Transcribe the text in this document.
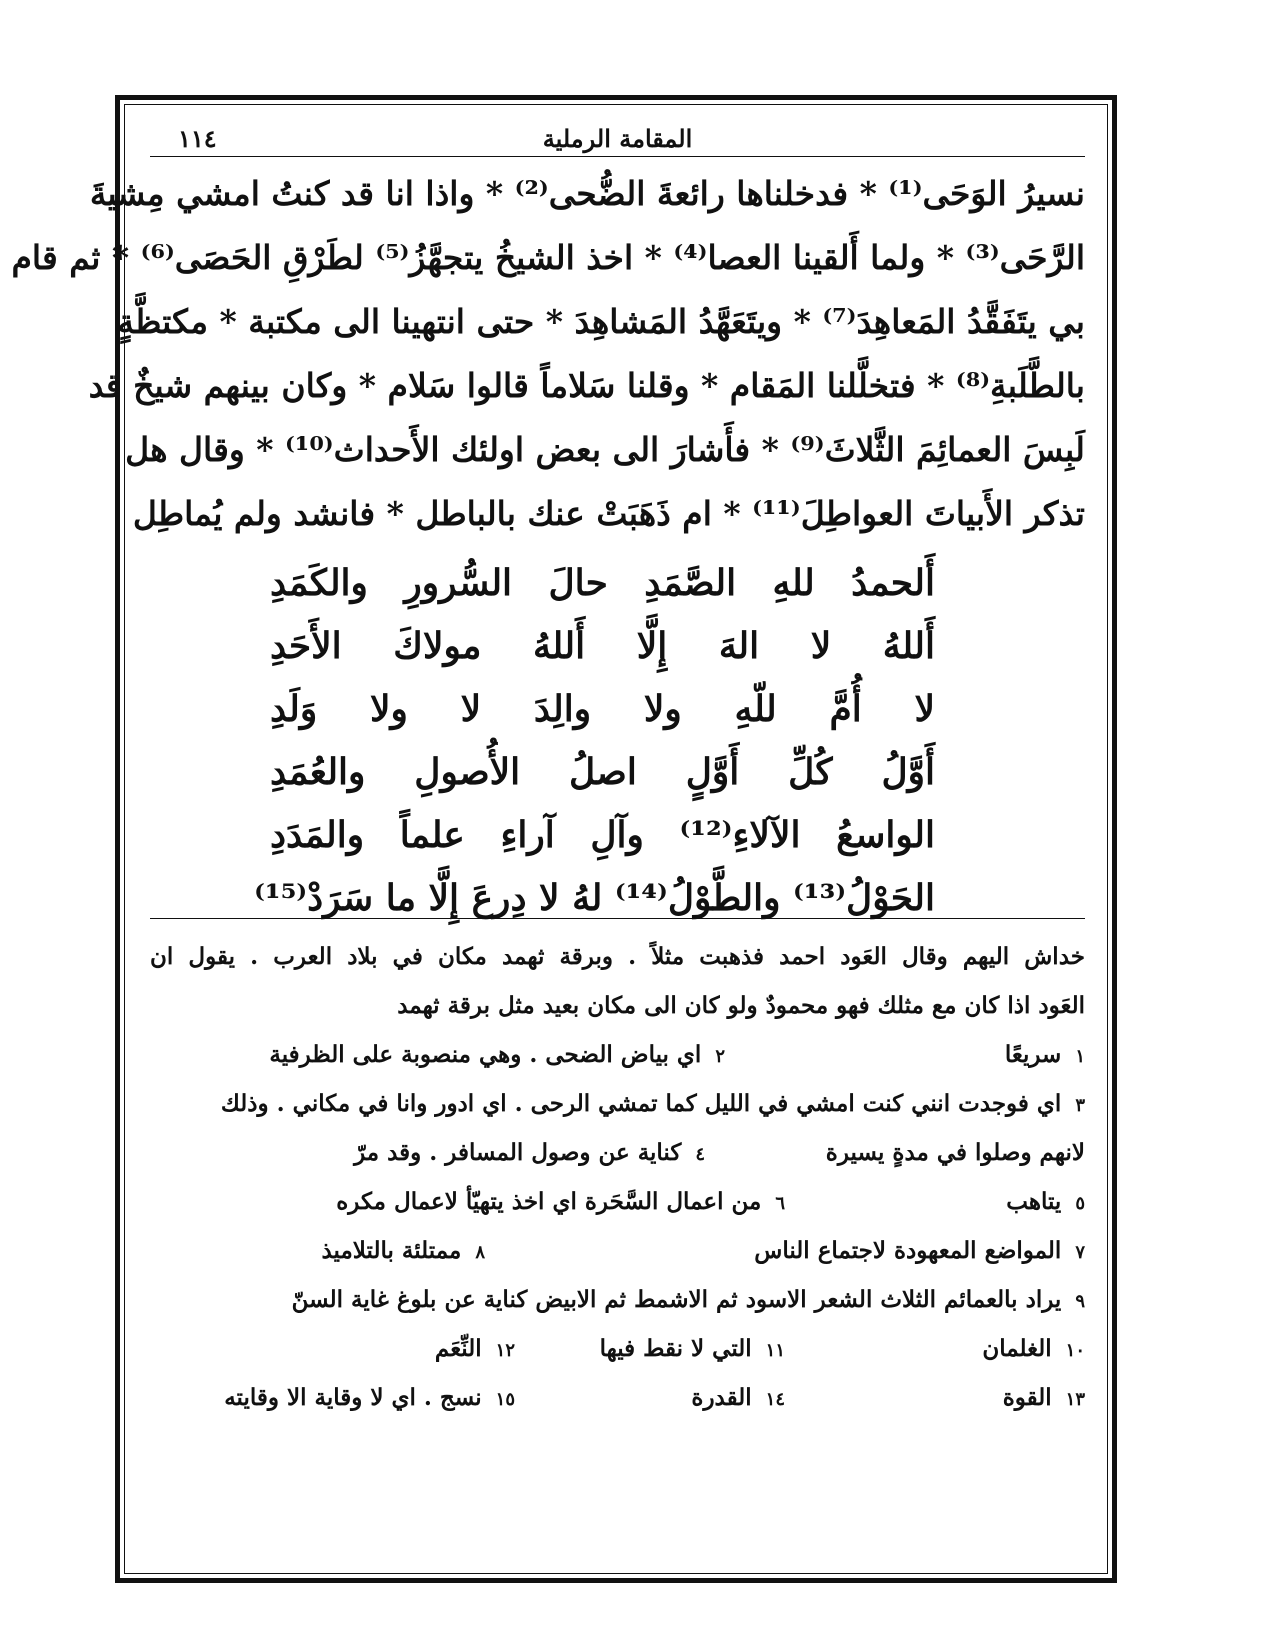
المقامة الرملية
١١٤
نسيرُ الوَحَى⁽¹⁾ * فدخلناها رائعةَ الضُّحى⁽²⁾ * واذا انا قد كنتُ امشي مِشيةَ
الرَّحَى⁽³⁾ * ولما أَلقينا العصا⁽⁴⁾ * اخذ الشيخُ يتجهَّزُ⁽⁵⁾ لطَرْقِ الحَصَى⁽⁶⁾ * ثم قام
بي يتَفَقَّدُ المَعاهِدَ⁽⁷⁾ * ويتَعَهَّدُ المَشاهِدَ * حتى انتهينا الى مكتبة * مكتظَّةٍ
بالطَّلَبةِ⁽⁸⁾ * فتخلَّلنا المَقام * وقلنا سَلاماً قالوا سَلام * وكان بينهم شيخٌ قد
لَبِسَ العمائِمَ الثَّلاثَ⁽⁹⁾ * فأَشارَ الى بعض اولئك الأَحداث⁽¹⁰⁾ * وقال هل
تذكر الأَبياتَ العواطِلَ⁽¹¹⁾ * ام ذَهَبَتْ عنك بالباطل * فانشد ولم يُماطِل
أَلحمدُ للهِ الصَّمَدِ حالَ السُّرورِ والكَمَدِ
أَللهُ لا الهَ إِلَّا أَللهُ مولاكَ الأَحَدِ
لا أُمَّ للّهِ ولا والِدَ لا ولا وَلَدِ
أَوَّلُ كُلِّ أَوَّلٍ اصلُ الأُصولِ والعُمَدِ
الواسعُ الآلاءِ⁽¹²⁾ وآلِ آراءِ علماً والمَدَدِ
الحَوْلُ⁽¹³⁾ والطَّوْلُ⁽¹⁴⁾ لهُ لا دِرعَ إِلَّا ما سَرَدْ⁽¹⁵⁾
خداش اليهم وقال العَود احمد فذهبت مثلاً . وبرقة ثهمد مكان في بلاد العرب . يقول ان
العَود اذا كان مع مثلك فهو محمودٌ ولو كان الى مكان بعيد مثل برقة ثهمد
١سريعًا
٢اي بياض الضحى . وهي منصوبة على الظرفية
٣اي فوجدت انني كنت امشي في الليل كما تمشي الرحى . اي ادور وانا في مكاني . وذلك
لانهم وصلوا في مدةٍ يسيرة
٤كناية عن وصول المسافر . وقد مرّ
٥يتاهب
٦من اعمال السَّحَرة اي اخذ يتهيّأ لاعمال مكره
٧المواضع المعهودة لاجتماع الناس
٨ممتلئة بالتلاميذ
٩يراد بالعمائم الثلاث الشعر الاسود ثم الاشمط ثم الابيض كناية عن بلوغ غاية السنّ
١٠الغلمان
١١التي لا نقط فيها
١٢النِّعَم
١٣القوة
١٤القدرة
١٥نسج . اي لا وقاية الا وقايته
